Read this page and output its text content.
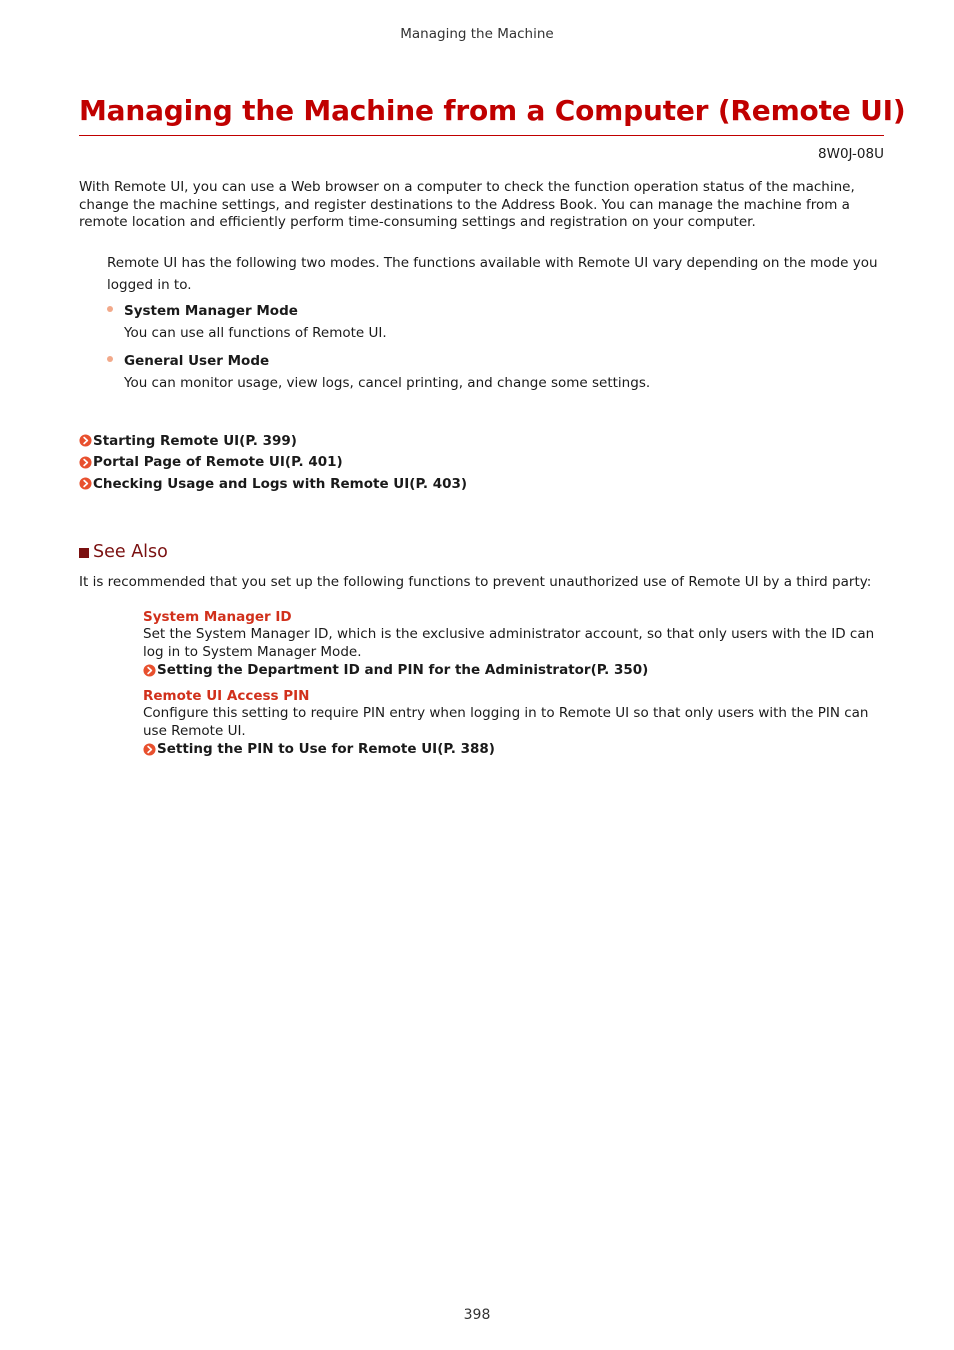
Managing the Machine
Managing the Machine from a Computer (Remote UI)
8W0J-08U

With Remote UI, you can use a Web browser on a computer to check the function operation status of the machine, change the machine settings, and register destinations to the Address Book. You can manage the machine from a remote location and efficiently perform time-consuming settings and registration on your computer.

Remote UI has the following two modes. The functions available with Remote UI vary depending on the mode you logged in to.

System Manager Mode
You can use all functions of Remote UI.
General User Mode
You can monitor usage, view logs, cancel printing, and change some settings.
Starting Remote UI(P. 399)
Portal Page of Remote UI(P. 401)
Checking Usage and Logs with Remote UI(P. 403)
See Also

It is recommended that you set up the following functions to prevent unauthorized use of Remote UI by a third party:

System Manager ID
Set the System Manager ID, which is the exclusive administrator account, so that only users with the ID can log in to System Manager Mode.
Setting the Department ID and PIN for the Administrator(P. 350)
Remote UI Access PIN
Configure this setting to require PIN entry when logging in to Remote UI so that only users with the PIN can use Remote UI.
Setting the PIN to Use for Remote UI(P. 388)
398
